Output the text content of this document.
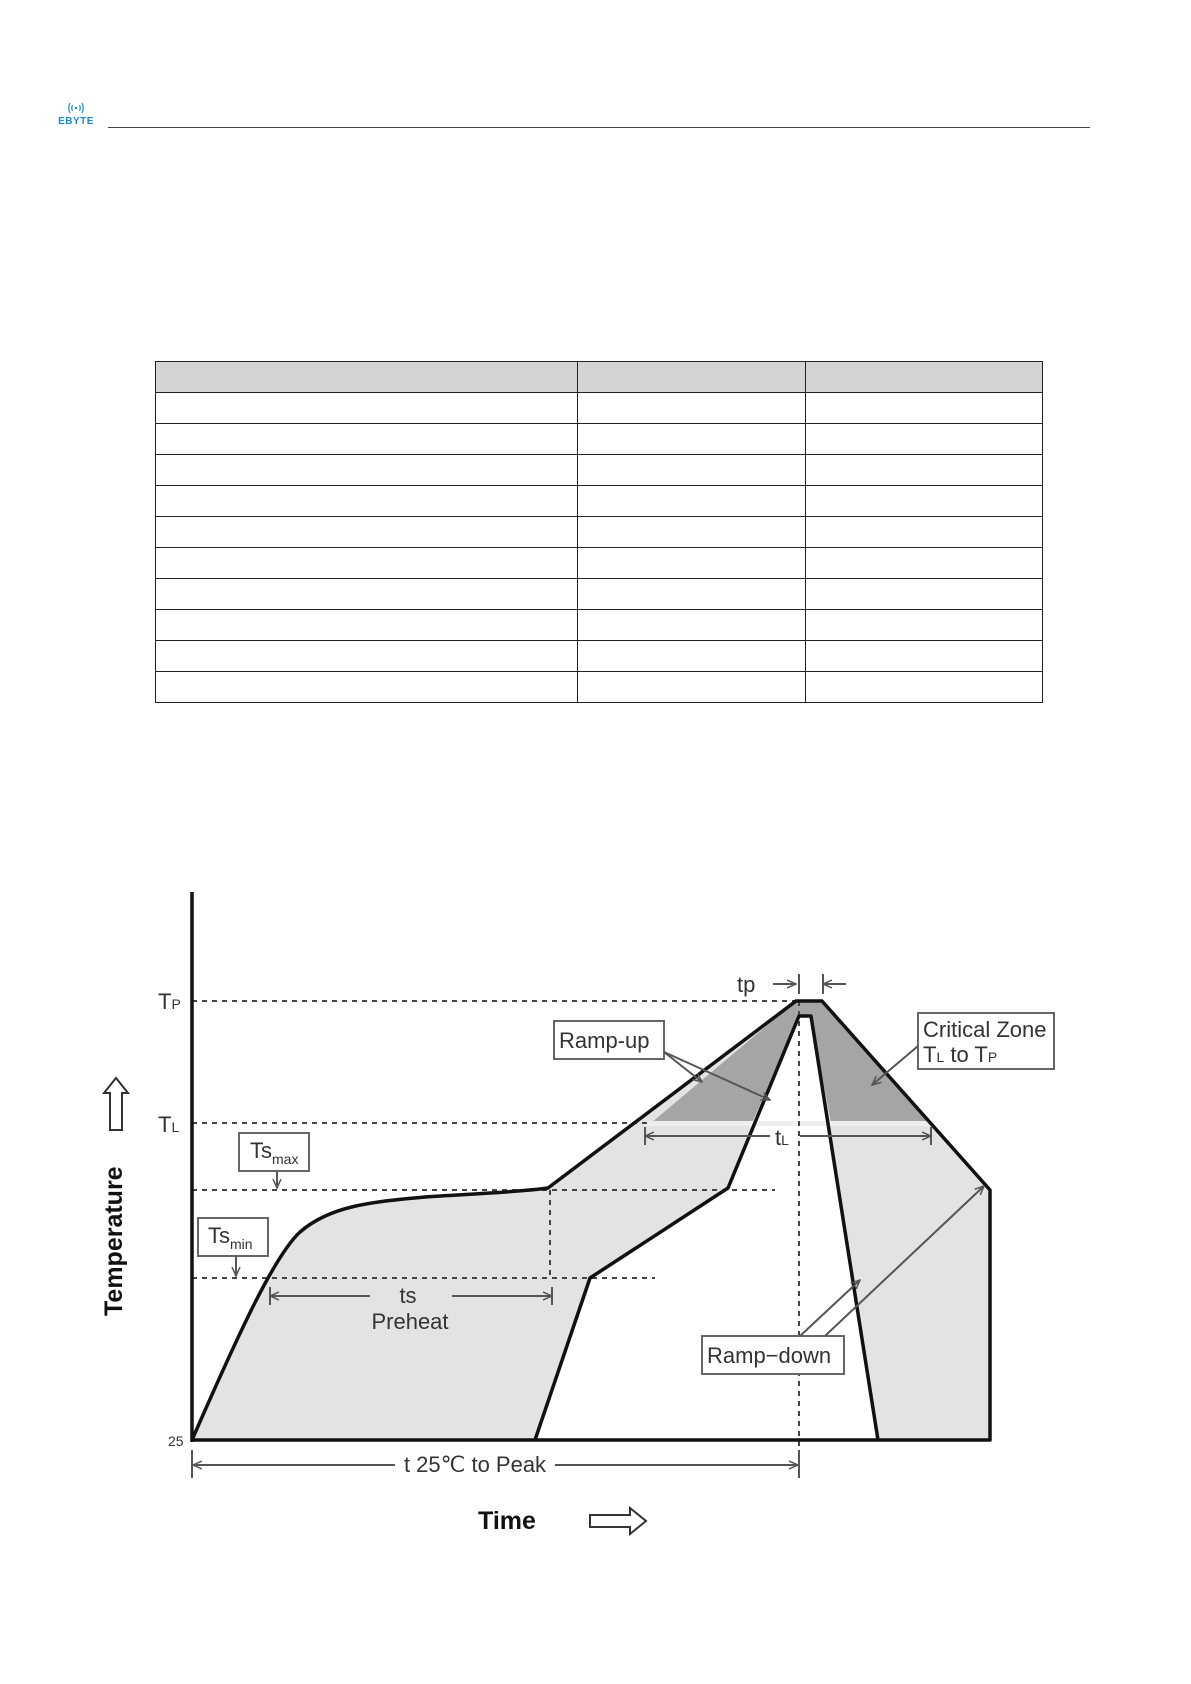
EBYTE

TP
TL
25
tp
tL
Ramp-up	Critical Zone
TL to TP
$Ts_{max}$
$Ts_{min}$
ts
Preheat
Ramp−down
t 25℃ to Peak
Temperature
Time
